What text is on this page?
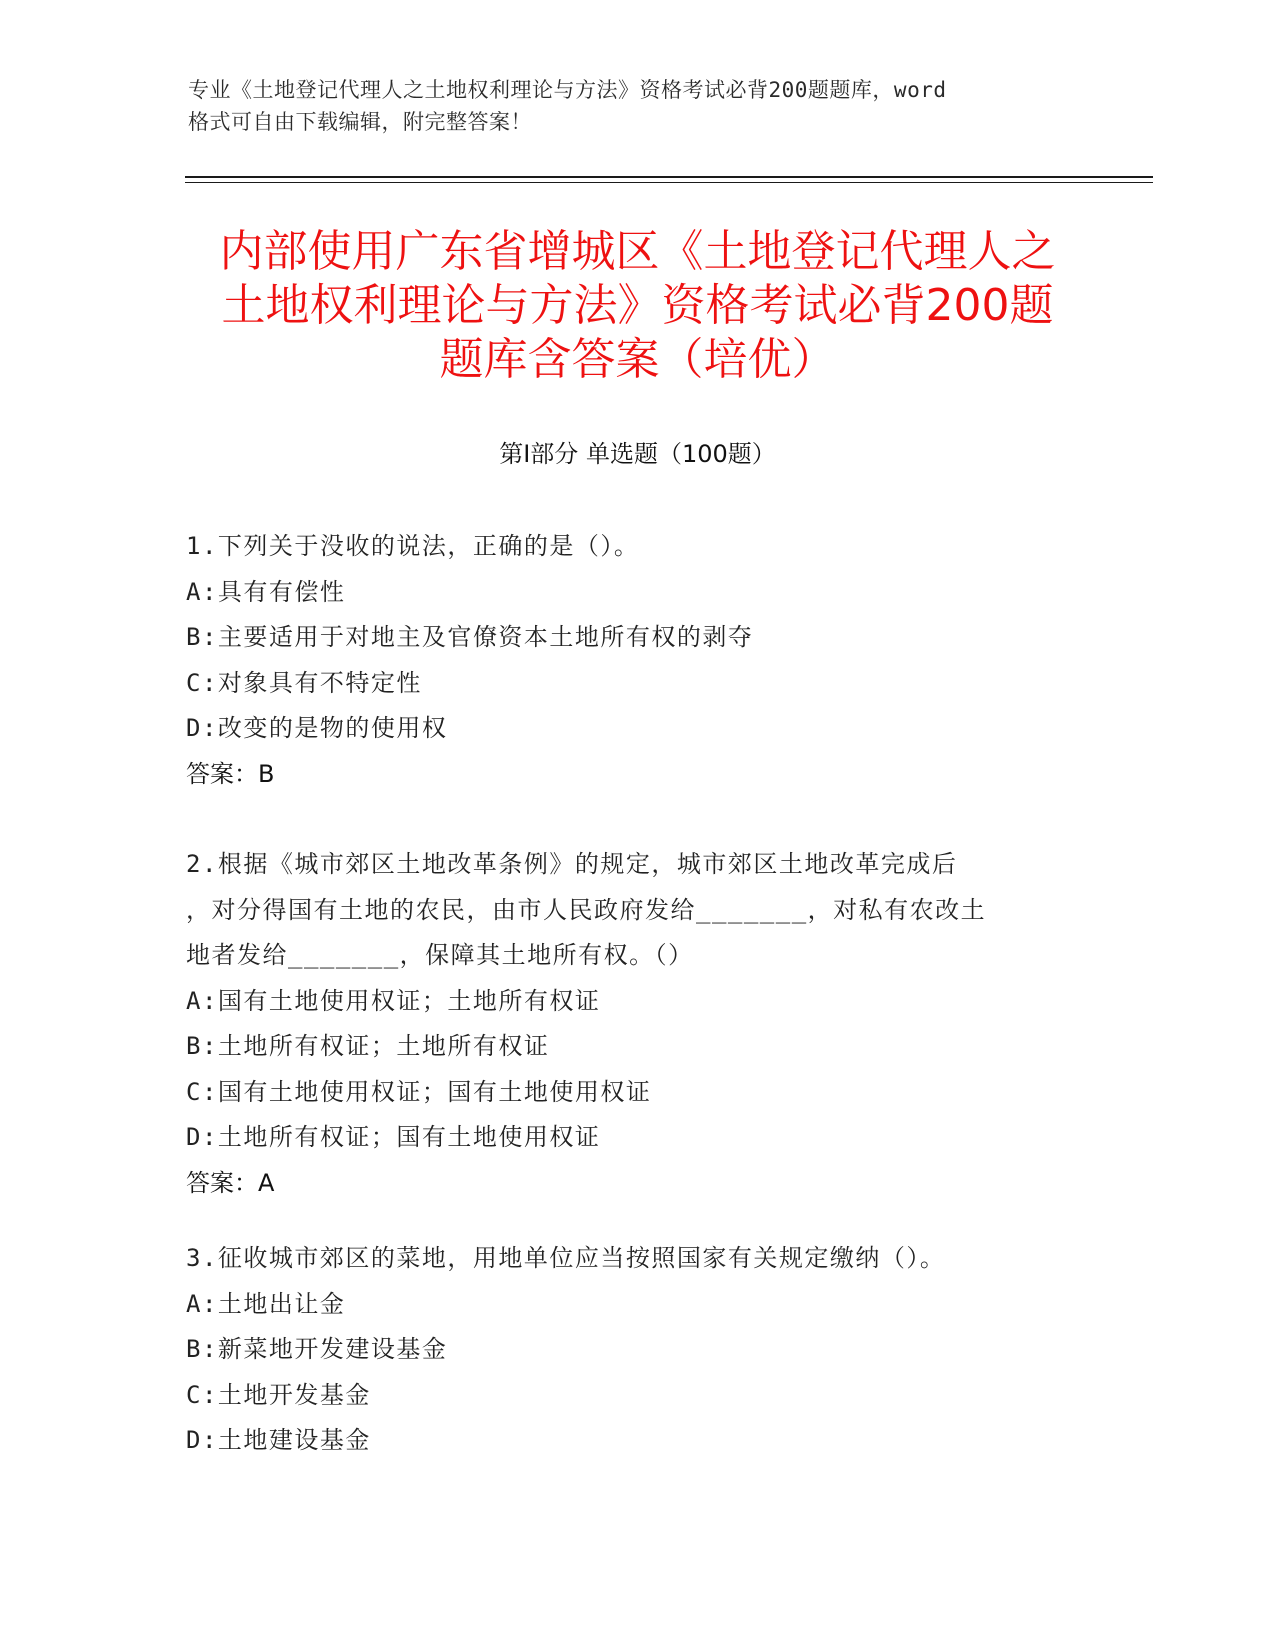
专业《土地登记代理人之土地权利理论与方法》资格考试必背200题题库，word
格式可自由下载编辑，附完整答案！
内部使用广东省增城区《土地登记代理人之
土地权利理论与方法》资格考试必背200题
题库含答案（培优）
第Ⅰ部分 单选题（100题）
1.下列关于没收的说法，正确的是（）。
A:具有有偿性
B:主要适用于对地主及官僚资本土地所有权的剥夺
C:对象具有不特定性
D:改变的是物的使用权
答案：B
2.根据《城市郊区土地改革条例》的规定，城市郊区土地改革完成后
，对分得国有土地的农民，由市人民政府发给_______，对私有农改土
地者发给_______，保障其土地所有权。（）
A:国有土地使用权证；土地所有权证
B:土地所有权证；土地所有权证
C:国有土地使用权证；国有土地使用权证
D:土地所有权证；国有土地使用权证
答案：A
3.征收城市郊区的菜地，用地单位应当按照国家有关规定缴纳（）。
A:土地出让金
B:新菜地开发建设基金
C:土地开发基金
D:土地建设基金
